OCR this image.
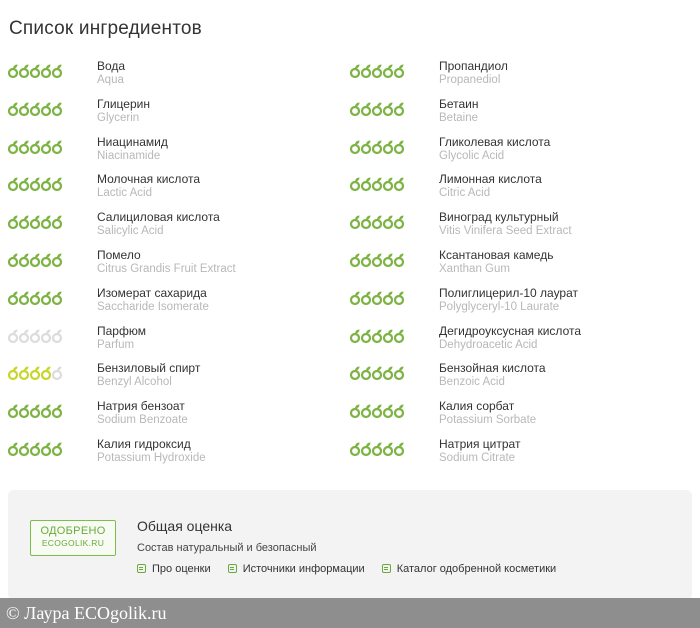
Список ингредиентов
Вода
Aqua
Глицерин
Glycerin
Ниацинамид
Niacinamide
Молочная кислота
Lactic Acid
Салициловая кислота
Salicylic Acid
Помело
Citrus Grandis Fruit Extract
Изомерат сахарида
Saccharide Isomerate
Парфюм
Parfum
Бензиловый спирт
Benzyl Alcohol
Натрия бензоат
Sodium Benzoate
Калия гидроксид
Potassium Hydroxide
Пропандиол
Propanediol
Бетаин
Betaine
Гликолевая кислота
Glycolic Acid
Лимонная кислота
Citric Acid
Виноград культурный
Vitis Vinifera Seed Extract
Ксантановая камедь
Xanthan Gum
Полиглицерил-10 лаурат
Polyglyceryl-10 Laurate
Дегидроуксусная кислота
Dehydroacetic Acid
Бензойная кислота
Benzoic Acid
Калия сорбат
Potassium Sorbate
Натрия цитрат
Sodium Citrate
ОДОБРЕНО
ECOGOLIK.RU
Общая оценка
Состав натуральный и безопасный
Про оценки	Источники информации	Каталог одобренной косметики
© Лаура ECOgolik.ru
